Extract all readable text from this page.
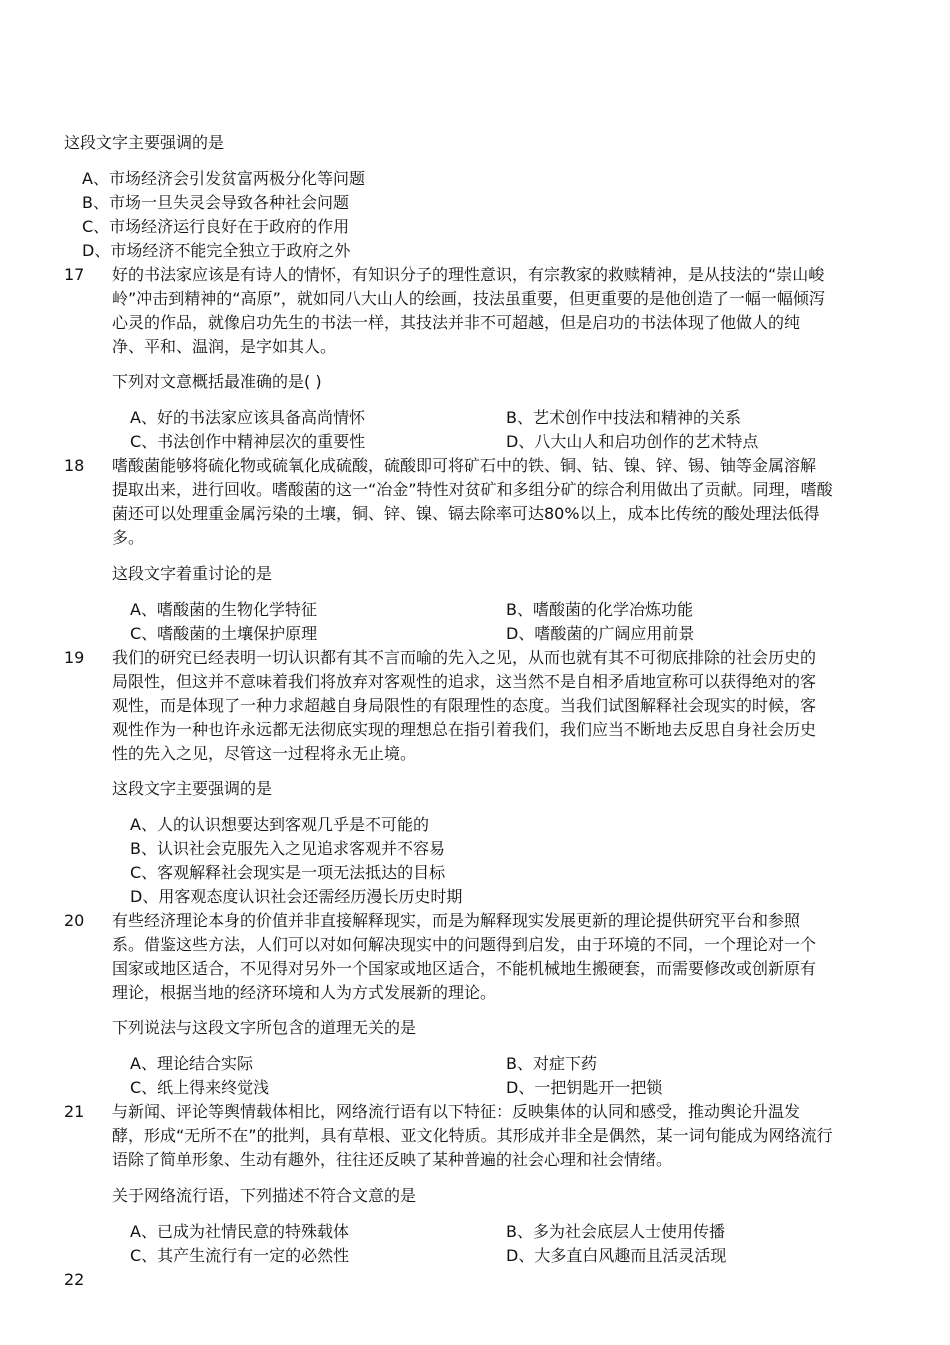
这段文字主要强调的是
A、市场经济会引发贫富两极分化等问题
B、市场一旦失灵会导致各种社会问题
C、市场经济运行良好在于政府的作用
D、市场经济不能完全独立于政府之外
17 好的书法家应该是有诗人的情怀，有知识分子的理性意识，有宗教家的救赎精神，是从技法的“崇山峻
岭”冲击到精神的“高原”，就如同八大山人的绘画，技法虽重要，但更重要的是他创造了一幅一幅倾泻
心灵的作品，就像启功先生的书法一样，其技法并非不可超越，但是启功的书法体现了他做人的纯
净、平和、温润，是字如其人。
下列对文意概括最准确的是( )
A、好的书法家应该具备高尚情怀	B、艺术创作中技法和精神的关系
C、书法创作中精神层次的重要性	D、八大山人和启功创作的艺术特点
18 嗜酸菌能够将硫化物或硫氧化成硫酸，硫酸即可将矿石中的铁、铜、钴、镍、锌、锡、铀等金属溶解
提取出来，进行回收。嗜酸菌的这一“冶金”特性对贫矿和多组分矿的综合利用做出了贡献。同理，嗜酸
菌还可以处理重金属污染的土壤，铜、锌、镍、镉去除率可达80%以上，成本比传统的酸处理法低得
多。
这段文字着重讨论的是
A、嗜酸菌的生物化学特征	B、嗜酸菌的化学冶炼功能
C、嗜酸菌的土壤保护原理	D、嗜酸菌的广阔应用前景
19 我们的研究已经表明一切认识都有其不言而喻的先入之见，从而也就有其不可彻底排除的社会历史的
局限性，但这并不意味着我们将放弃对客观性的追求，这当然不是自相矛盾地宣称可以获得绝对的客
观性，而是体现了一种力求超越自身局限性的有限理性的态度。当我们试图解释社会现实的时候，客
观性作为一种也许永远都无法彻底实现的理想总在指引着我们，我们应当不断地去反思自身社会历史
性的先入之见，尽管这一过程将永无止境。
这段文字主要强调的是
A、人的认识想要达到客观几乎是不可能的
B、认识社会克服先入之见追求客观并不容易
C、客观解释社会现实是一项无法抵达的目标
D、用客观态度认识社会还需经历漫长历史时期
20 有些经济理论本身的价值并非直接解释现实，而是为解释现实发展更新的理论提供研究平台和参照
系。借鉴这些方法，人们可以对如何解决现实中的问题得到启发，由于环境的不同，一个理论对一个
国家或地区适合，不见得对另外一个国家或地区适合，不能机械地生搬硬套，而需要修改或创新原有
理论，根据当地的经济环境和人为方式发展新的理论。
下列说法与这段文字所包含的道理无关的是
A、理论结合实际	B、对症下药
C、纸上得来终觉浅	D、一把钥匙开一把锁
21 与新闻、评论等舆情载体相比，网络流行语有以下特征：反映集体的认同和感受，推动舆论升温发
酵，形成“无所不在”的批判，具有草根、亚文化特质。其形成并非全是偶然，某一词句能成为网络流行
语除了简单形象、生动有趣外，往往还反映了某种普遍的社会心理和社会情绪。
关于网络流行语，下列描述不符合文意的是
A、已成为社情民意的特殊载体	B、多为社会底层人士使用传播
C、其产生流行有一定的必然性	D、大多直白风趣而且活灵活现
22
